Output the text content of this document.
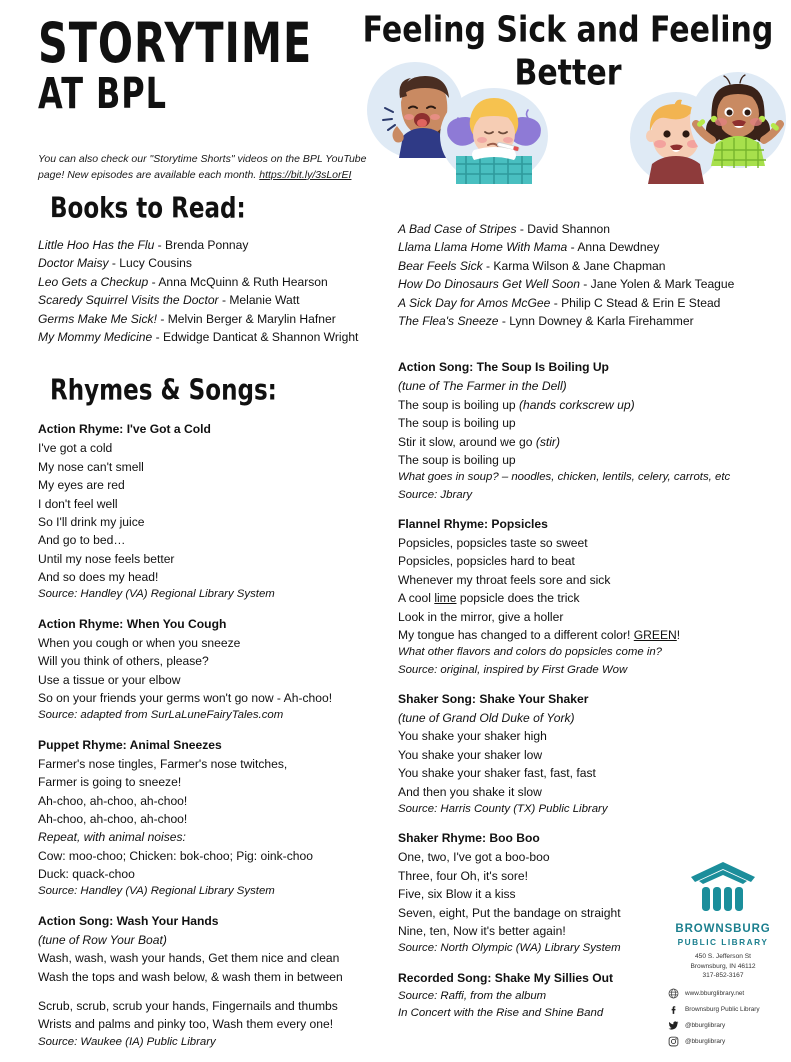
STORYTIME
AT BPL
Feeling Sick and Feeling
Better
You can also check our "Storytime Shorts" videos on the BPL YouTube page! New episodes are available each month. https://bit.ly/3sLorEI
Books to Read:
Little Hoo Has the Flu - Brenda Ponnay
Doctor Maisy - Lucy Cousins
Leo Gets a Checkup - Anna McQuinn & Ruth Hearson
Scaredy Squirrel Visits the Doctor - Melanie Watt
Germs Make Me Sick! - Melvin Berger & Marylin Hafner
My Mommy Medicine - Edwidge Danticat & Shannon Wright
Rhymes & Songs:
Action Rhyme: I've Got a Cold
I've got a cold
My nose can't smell
My eyes are red
I don't feel well
So I'll drink my juice
And go to bed…
Until my nose feels better
And so does my head!
Source: Handley (VA) Regional Library System
Action Rhyme: When You Cough
When you cough or when you sneeze
Will you think of others, please?
Use a tissue or your elbow
So on your friends your germs won't go now - Ah-choo!
Source: adapted from SurLaLuneFairyTales.com
Puppet Rhyme: Animal Sneezes
Farmer's nose tingles, Farmer's nose twitches,
Farmer is going to sneeze!
Ah-choo, ah-choo, ah-choo!
Ah-choo, ah-choo, ah-choo!
Repeat, with animal noises:
Cow: moo-choo; Chicken: bok-choo; Pig: oink-choo
Duck: quack-choo
Source: Handley (VA) Regional Library System
Action Song: Wash Your Hands
(tune of Row Your Boat)
Wash, wash, wash your hands, Get them nice and clean
Wash the tops and wash below, & wash them in between
Scrub, scrub, scrub your hands, Fingernails and thumbs
Wrists and palms and pinky too, Wash them every one!
Source: Waukee (IA) Public Library
A Bad Case of Stripes - David Shannon
Llama Llama Home With Mama - Anna Dewdney
Bear Feels Sick - Karma Wilson & Jane Chapman
How Do Dinosaurs Get Well Soon - Jane Yolen & Mark Teague
A Sick Day for Amos McGee - Philip C Stead & Erin E Stead
The Flea's Sneeze - Lynn Downey & Karla Firehammer
Action Song: The Soup Is Boiling Up
(tune of The Farmer in the Dell)
The soup is boiling up (hands corkscrew up)
The soup is boiling up
Stir it slow, around we go (stir)
The soup is boiling up
What goes in soup? – noodles, chicken, lentils, celery, carrots, etc
Source: Jbrary
Flannel Rhyme: Popsicles
Popsicles, popsicles taste so sweet
Popsicles, popsicles hard to beat
Whenever my throat feels sore and sick
A cool lime popsicle does the trick
Look in the mirror, give a holler
My tongue has changed to a different color! GREEN!
What other flavors and colors do popsicles come in?
Source: original, inspired by First Grade Wow
Shaker Song: Shake Your Shaker
(tune of Grand Old Duke of York)
You shake your shaker high
You shake your shaker low
You shake your shaker fast, fast, fast
And then you shake it slow
Source: Harris County (TX) Public Library
Shaker Rhyme: Boo Boo
One, two, I've got a boo-boo
Three, four Oh, it's sore!
Five, six Blow it a kiss
Seven, eight, Put the bandage on straight
Nine, ten, Now it's better again!
Source: North Olympic (WA) Library System
Recorded Song: Shake My Sillies Out
Source: Raffi, from the album
In Concert with the Rise and Shine Band
BROWNSBURG
PUBLIC LIBRARY
450 S. Jefferson St
Brownsburg, IN 46112
317-852-3167
www.bburglibrary.net
Brownsburg Public Library
@bburglibrary
@bburglibrary
